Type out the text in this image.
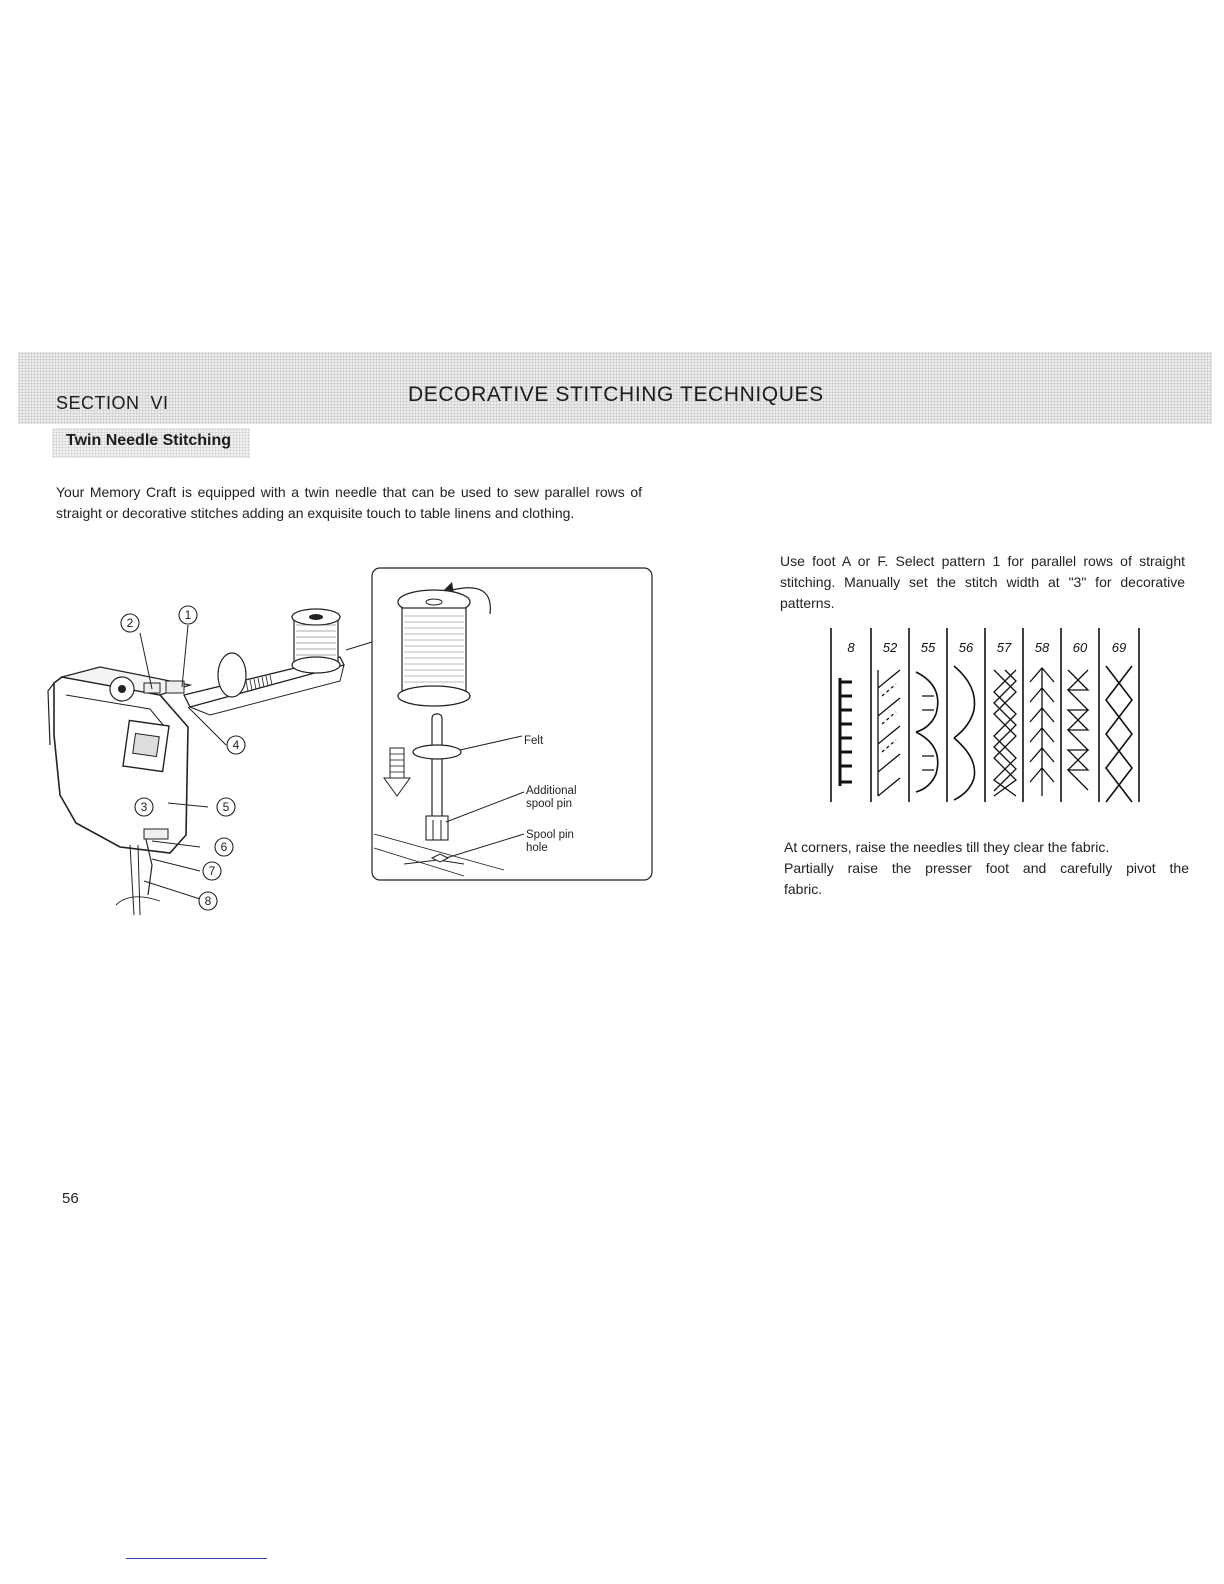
SECTION  VI	DECORATIVE STITCHING TECHNIQUES
Twin Needle Stitching
Your Memory Craft is equipped with a twin needle that can be used to sew parallel rows of straight or decorative stitches adding an exquisite touch to table linens and clothing.
1
2
3
4
5
6
7
8
Felt
Additional
spool pin
Spool pin
hole
Use foot A or F. Select pattern 1 for parallel rows of straight stitching. Manually set the stitch width at "3" for decorative patterns.
8 52 55 56 57 58 60 69
At corners, raise the needles till they clear the fabric.
Partially raise the presser foot and carefully pivot the
fabric.
56
